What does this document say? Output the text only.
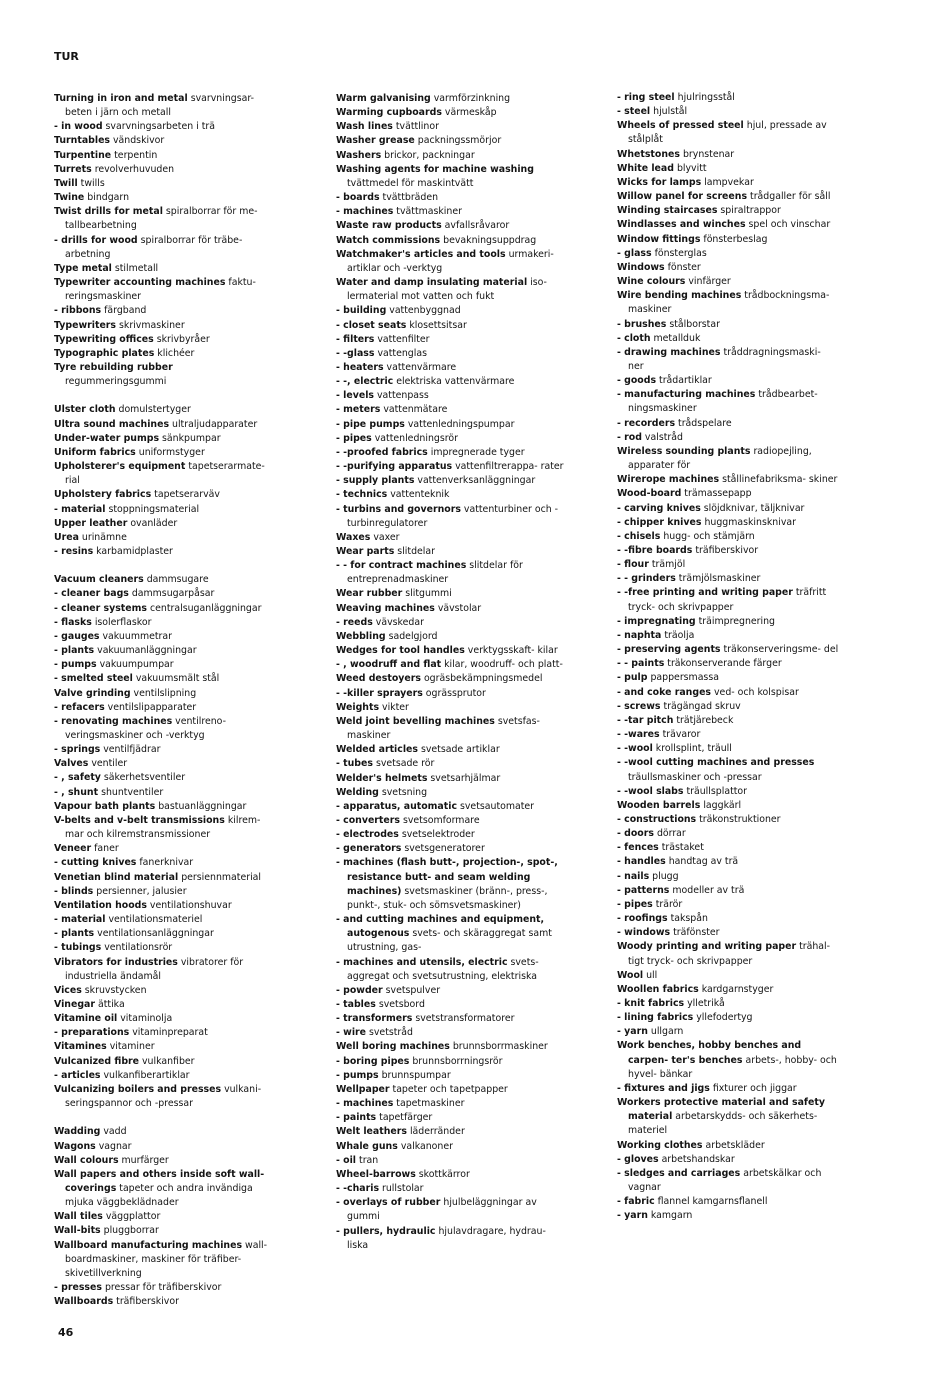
TUR
Turning in iron and metal svarvningsar- beten i järn och metall
- in wood svarvningsarbeten i trä
Turntables vändskivor
Turpentine terpentin
Turrets revolverhuvuden
Twill twills
Twine bindgarn
Twist drills for metal spiralborrar för me- tallbearbetning
- drills for wood spiralborrar för träbe- arbetning
Type metal stilmetall
Typewriter accounting machines faktu- reringsmaskiner
- ribbons färgband
Typewriters skrivmaskiner
Typewriting offices skrivbyråer
Typographic plates klichéer
Tyre rebuilding rubber regummeringsgummi
Ulster cloth domulstertyger
Ultra sound machines ultraljudapparater
Under-water pumps sänkpumpar
Uniform fabrics uniformstyger
Upholsterer's equipment tapetserarmate- rial
Upholstery fabrics tapetserarväv
- material stoppningsmaterial
Upper leather ovanläder
Urea urinämne
- resins karbamidplaster
Vacuum cleaners dammsugare
- cleaner bags dammsugarpåsar
- cleaner systems centralsuganläggningar
- flasks isolerflaskor
- gauges vakuummetrar
- plants vakuumanläggningar
- pumps vakuumpumpar
- smelted steel vakuumsmält stål
Valve grinding ventilslipning
- refacers ventilslipapparater
- renovating machines ventilreno- veringsmaskiner och -verktyg
- springs ventilfjädrar
Valves ventiler
- , safety säkerhetsventiler
- , shunt shuntventiler
Vapour bath plants bastuanläggningar
V-belts and v-belt transmissions kilrem- mar och kilremstransmissioner
Veneer faner
- cutting knives fanerknivar
Venetian blind material persiennmaterial
- blinds persienner, jalusier
Ventilation hoods ventilationshuvar
- material ventilationsmateriel
- plants ventilationsanläggningar
- tubings ventilationsrör
Vibrators for industries vibratorer för industriella ändamål
Vices skruvstycken
Vinegar ättika
Vitamine oil vitaminolja
- preparations vitaminpreparat
Vitamines vitaminer
Vulcanized fibre vulkanfiber
- articles vulkanfiberartiklar
Vulcanizing boilers and presses vulkani- seringspannor och -pressar
Wadding vadd
Wagons vagnar
Wall colours murfärger
Wall papers and others inside soft wall- coverings tapeter och andra invändiga mjuka väggbeklädnader
Wall tiles väggplattor
Wall-bits pluggborrar
Wallboard manufacturing machines wall- boardmaskiner, maskiner för träfiber- skivetillverkning
- presses pressar för träfiberskivor
Wallboards träfiberskivor
Warm galvanising varmförzinkning
Warming cupboards värmeskåp
Wash lines tvättlinor
Washer grease packningssmörjor
Washers brickor, packningar
Washing agents for machine washing tvättmedel för maskintvätt
- boards tvättbräden
- machines tvättmaskiner
Waste raw products avfallsråvaror
Watch commissions bevakningsuppdrag
Watchmaker's articles and tools urmakeri- artiklar och -verktyg
Water and damp insulating material iso- lermaterial mot vatten och fukt
- building vattenbyggnad
- closet seats klosettsitsar
- filters vattenfilter
- -glass vattenglas
- heaters vattenvärmare
- -, electric elektriska vattenvärmare
- levels vattenpass
- meters vattenmätare
- pipe pumps vattenledningspumpar
- pipes vattenledningsrör
- -proofed fabrics impregnerade tyger
- -purifying apparatus vattenfiltrerappa- rater
- supply plants vattenverksanläggningar
- technics vattenteknik
- turbins and governors vattenturbiner och -turbinregulatorer
Waxes vaxer
Wear parts slitdelar
- - for contract machines slitdelar för entreprenadmaskiner
Wear rubber slitgummi
Weaving machines vävstolar
- reeds vävskedar
Webbling sadelgjord
Wedges for tool handles verktygsskaft- kilar
- , woodruff and flat kilar, woodruff- och platt-
Weed destoyers ogräsbekämpningsmedel
- -killer sprayers ogrässprutor
Weights vikter
Weld joint bevelling machines svetsfas- maskiner
Welded articles svetsade artiklar
- tubes svetsade rör
Welder's helmets svetsarhjälmar
Welding svetsning
- apparatus, automatic svetsautomater
- converters svetsomformare
- electrodes svetselektroder
- generators svetsgeneratorer
- machines (flash butt-, projection-, spot-, resistance butt- and seam welding machines) svetsmaskiner (bränn-, press-, punkt-, stuk- och sömsvetsmaskiner)
- and cutting machines and equipment, autogenous svets- och skäraggregat samt utrustning, gas-
- machines and utensils, electric svets- aggregat och svetsutrustning, elektriska
- powder svetspulver
- tables svetsbord
- transformers svetstransformatorer
- wire svetstråd
Well boring machines brunnsborrmaskiner
- boring pipes brunnsborrningsrör
- pumps brunnspumpar
Wellpaper tapeter och tapetpapper
- machines tapetmaskiner
- paints tapetfärger
Welt leathers läderränder
Whale guns valkanoner
- oil tran
Wheel-barrows skottkärror
- -charis rullstolar
- overlays of rubber hjulbeläggningar av gummi
- pullers, hydraulic hjulavdragare, hydrau- liska
- ring steel hjulringsstål
- steel hjulstål
Wheels of pressed steel hjul, pressade av stålplåt
Whetstones brynstenar
White lead blyvitt
Wicks for lamps lampvekar
Willow panel for screens trådgaller för såll
Winding staircases spiraltrappor
Windlasses and winches spel och vinschar
Window fittings fönsterbeslag
- glass fönsterglas
Windows fönster
Wine colours vinfärger
Wire bending machines trådbockningsma- maskiner
- brushes stålborstar
- cloth metallduk
- drawing machines tråddragningsmaski- ner
- goods trådartiklar
- manufacturing machines trådbearbet- ningsmaskiner
- recorders trådspelare
- rod valstråd
Wireless sounding plants radiopejling, apparater för
Wirerope machines stållinefabriksma- skiner
Wood-board trämassepapp
- carving knives slöjdknivar, täljknivar
- chipper knives huggmaskinsknivar
- chisels hugg- och stämjärn
- -fibre boards träfiberskivor
- flour trämjöl
- - grinders trämjölsmaskiner
- -free printing and writing paper träfritt tryck- och skrivpapper
- impregnating träimpregnering
- naphta träolja
- preserving agents träkonserveringsme- del
- - paints träkonserverande färger
- pulp pappersmassa
- and coke ranges ved- och kolspisar
- screws trägängad skruv
- -tar pitch trätjärebeck
- -wares trävaror
- -wool krollsplint, träull
- -wool cutting machines and presses träullsmaskiner och -pressar
- -wool slabs träullsplattor
Wooden barrels laggkärl
- constructions träkonstruktioner
- doors dörrar
- fences trästaket
- handles handtag av trä
- nails plugg
- patterns modeller av trä
- pipes trärör
- roofings takspån
- windows träfönster
Woody printing and writing paper trähal- tigt tryck- och skrivpapper
Wool ull
Woollen fabrics kardgarnstyger
- knit fabrics ylletrikå
- lining fabrics yllefodertyg
- yarn ullgarn
Work benches, hobby benches and carpen- ter's benches arbets-, hobby- och hyvel- bänkar
- fixtures and jigs fixturer och jiggar
Workers protective material and safety material arbetarskydds- och säkerhets- materiel
Working clothes arbetskläder
- gloves arbetshandskar
- sledges and carriages arbetskälkar och vagnar
- fabric flannel kamgarnsflanell
- yarn kamgarn
46
